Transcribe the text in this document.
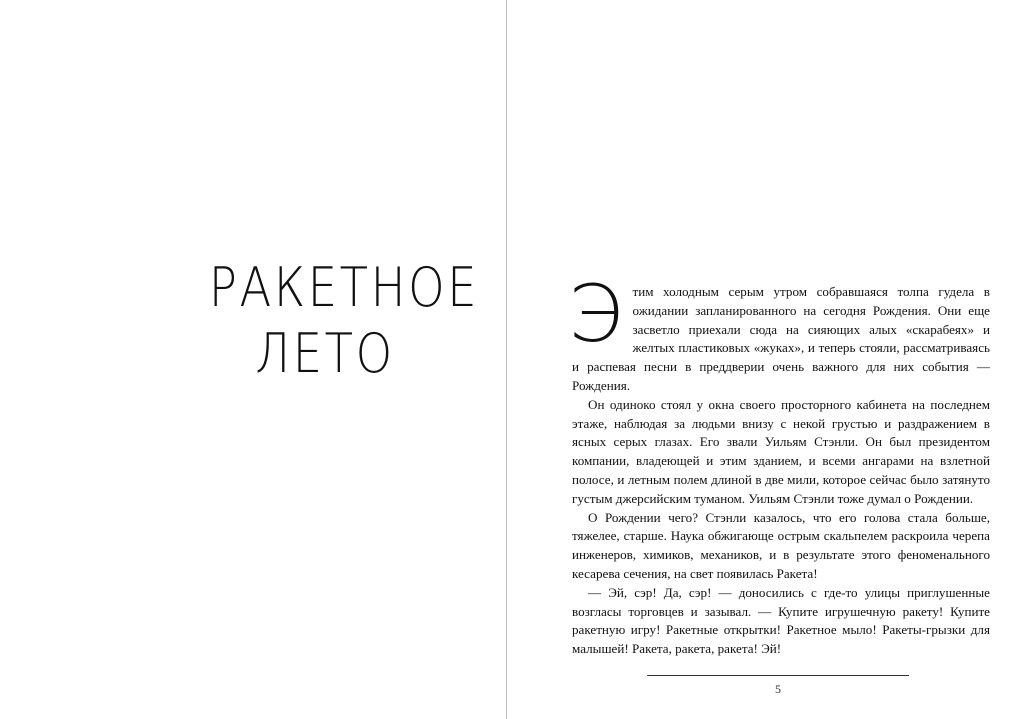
РАКЕТНОЕ
ЛЕТО	Этим холодным серым утром собравшаяся толпа гудела в ожидании запланированного на сегодня Рождения. Они еще засветло приехали сюда на сияющих алых «скарабеях» и желтых пластиковых «жуках», и теперь стояли, рассматриваясь и распевая песни в преддверии очень важного для них события — Рождения.

Он одиноко стоял у окна своего просторного кабинета на последнем этаже, наблюдая за людьми внизу с некой грустью и раздражением в ясных серых глазах. Его звали Уильям Стэнли. Он был президентом компании, владеющей и этим зданием, и всеми ангарами на взлетной полосе, и летным полем длиной в две мили, которое сейчас было затянуто густым джерсийским туманом. Уильям Стэнли тоже думал о Рождении.

О Рождении чего? Стэнли казалось, что его голова стала больше, тяжелее, старше. Наука обжигающе острым скальпелем раскроила черепа инженеров, химиков, механиков, и в результате этого феноменального кесарева сечения, на свет появилась Ракета!

— Эй, сэр! Да, сэр! — доносились с где-то улицы приглушенные возгласы торговцев и зазывал. — Купите игрушечную ракету! Купите ракетную игру! Ракетные открытки! Ракетное мыло! Ракеты-грызки для малышей! Ракета, ракета, ракета! Эй!

5
